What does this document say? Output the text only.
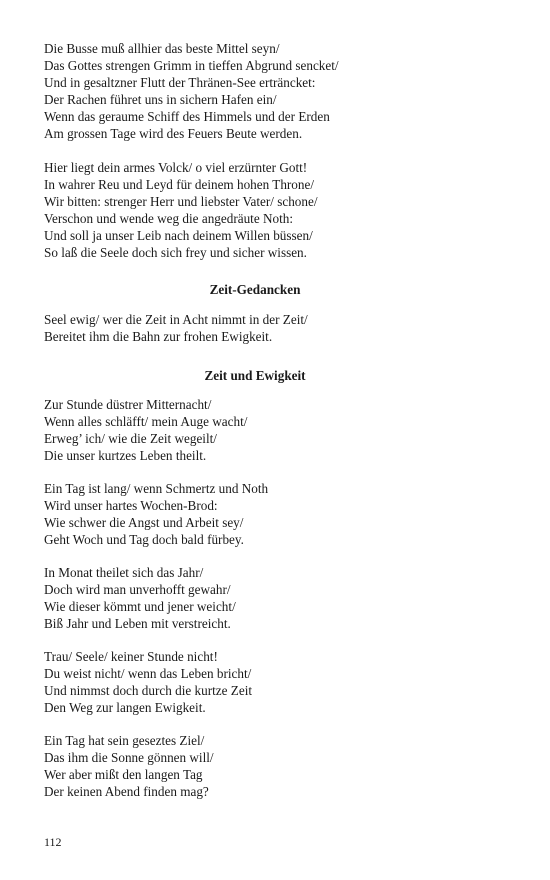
Die Busse muß allhier das beste Mittel seyn/
Das Gottes strengen Grimm in tieffen Abgrund sencket/
Und in gesaltzner Flutt der Thränen-See erträncket:
Der Rachen führet uns in sichern Hafen ein/
Wenn das geraume Schiff des Himmels und der Erden
Am grossen Tage wird des Feuers Beute werden.
Hier liegt dein armes Volck/ o viel erzürnter Gott!
In wahrer Reu und Leyd für deinem hohen Throne/
Wir bitten: strenger Herr und liebster Vater/ schone/
Verschon und wende weg die angedräute Noth:
Und soll ja unser Leib nach deinem Willen büssen/
So laß die Seele doch sich frey und sicher wissen.
Zeit-Gedancken
Seel ewig/ wer die Zeit in Acht nimmt in der Zeit/
Bereitet ihm die Bahn zur frohen Ewigkeit.
Zeit und Ewigkeit
Zur Stunde düstrer Mitternacht/
Wenn alles schläfft/ mein Auge wacht/
Erweg’ ich/ wie die Zeit wegeilt/
Die unser kurtzes Leben theilt.
Ein Tag ist lang/ wenn Schmertz und Noth
Wird unser hartes Wochen-Brod:
Wie schwer die Angst und Arbeit sey/
Geht Woch und Tag doch bald fürbey.
In Monat theilet sich das Jahr/
Doch wird man unverhofft gewahr/
Wie dieser kömmt und jener weicht/
Biß Jahr und Leben mit verstreicht.
Trau/ Seele/ keiner Stunde nicht!
Du weist nicht/ wenn das Leben bricht/
Und nimmst doch durch die kurtze Zeit
Den Weg zur langen Ewigkeit.
Ein Tag hat sein geseztes Ziel/
Das ihm die Sonne gönnen will/
Wer aber mißt den langen Tag
Der keinen Abend finden mag?
112
